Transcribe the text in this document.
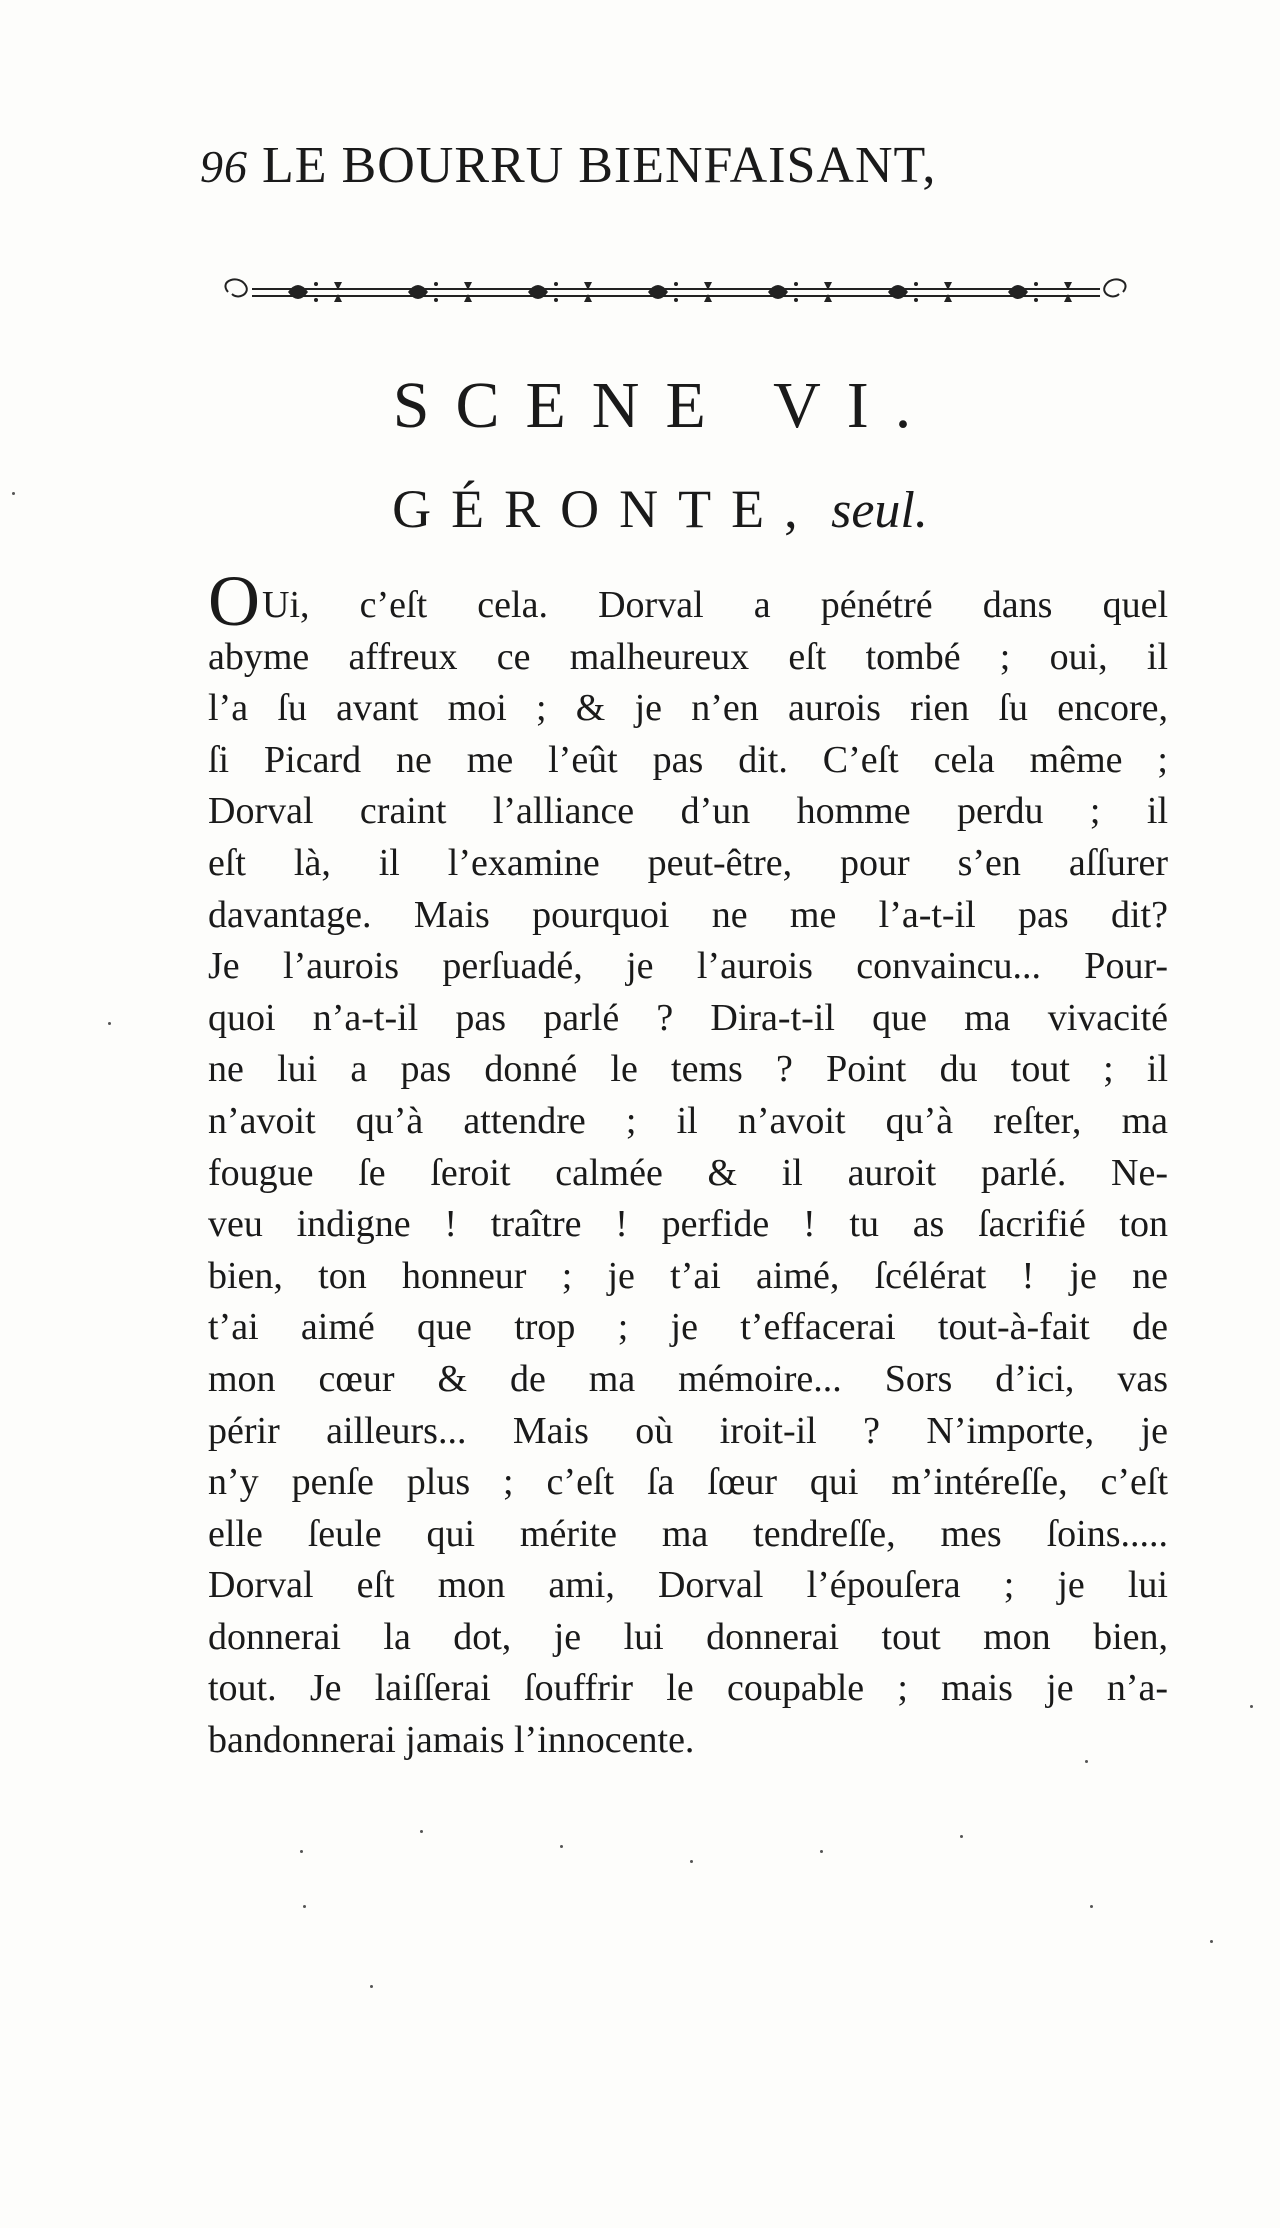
96 LE BOURRU BIENFAISANT,
SCENE VI.
GÉRONTE, seul.
OUi, c’eſt cela. Dorval a pénétré dans quel
abyme affreux ce malheureux eſt tombé ; oui, il
l’a ſu avant moi ; & je n’en aurois rien ſu encore,
ſi Picard ne me l’eût pas dit. C’eſt cela même ;
Dorval craint l’alliance d’un homme perdu ; il
eſt là, il l’examine peut-être, pour s’en aſſurer
davantage. Mais pourquoi ne me l’a-t-il pas dit?
Je l’aurois perſuadé, je l’aurois convaincu... Pour-
quoi n’a-t-il pas parlé ? Dira-t-il que ma vivacité
ne lui a pas donné le tems ? Point du tout ; il
n’avoit qu’à attendre ; il n’avoit qu’à reſter, ma
fougue ſe ſeroit calmée & il auroit parlé. Ne-
veu indigne ! traître ! perfide ! tu as ſacrifié ton
bien, ton honneur ; je t’ai aimé, ſcélérat ! je ne
t’ai aimé que trop ; je t’effacerai tout-à-fait de
mon cœur & de ma mémoire... Sors d’ici, vas
périr ailleurs... Mais où iroit-il ? N’importe, je
n’y penſe plus ; c’eſt ſa ſœur qui m’intéreſſe, c’eſt
elle ſeule qui mérite ma tendreſſe, mes ſoins.....
Dorval eſt mon ami, Dorval l’épouſera ; je lui
donnerai la dot, je lui donnerai tout mon bien,
tout. Je laiſſerai ſouffrir le coupable ; mais je n’a-
bandonnerai jamais l’innocente.
